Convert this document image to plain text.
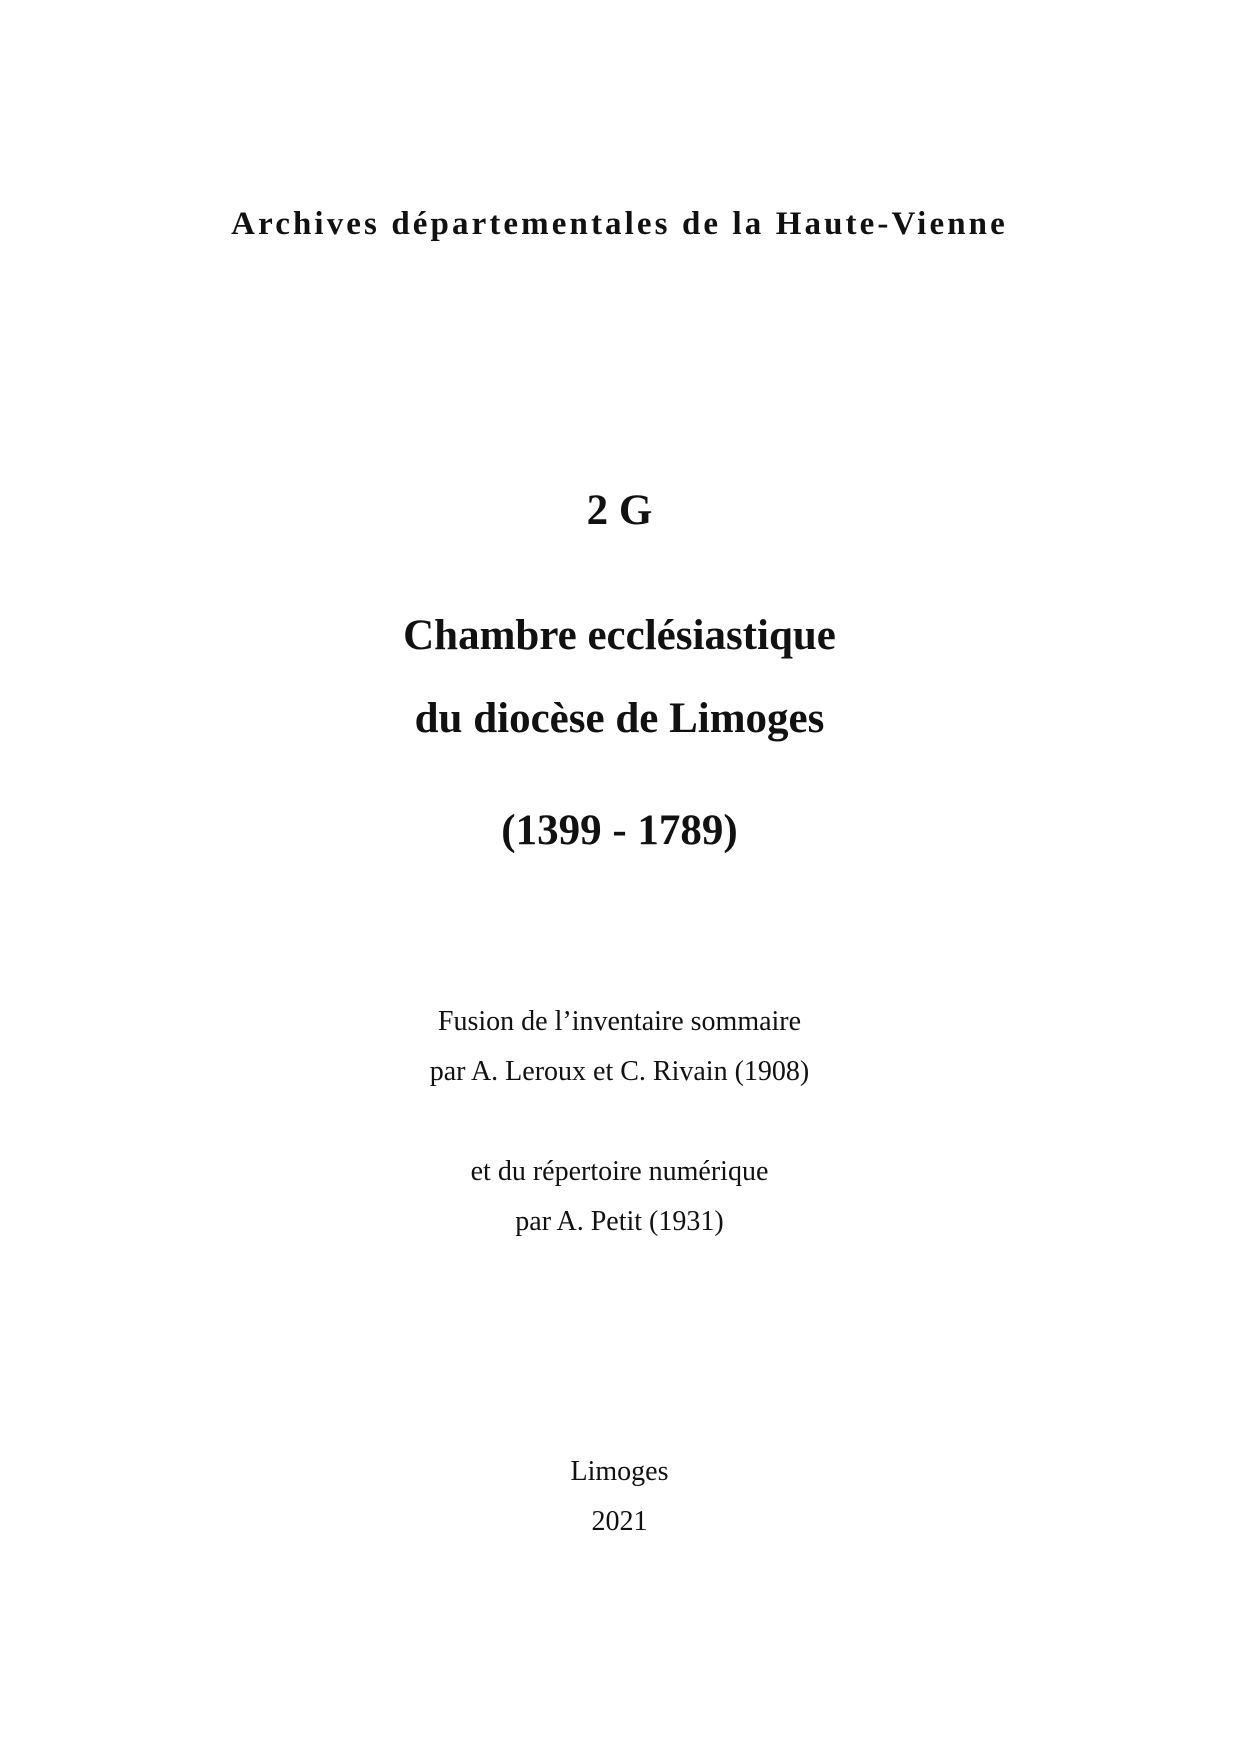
Archives départementales de la Haute-Vienne
2 G
Chambre ecclésiastique
du diocèse de Limoges
(1399 - 1789)
Fusion de l’inventaire sommaire
par A. Leroux et C. Rivain (1908)
et du répertoire numérique
par A. Petit (1931)
Limoges
2021
